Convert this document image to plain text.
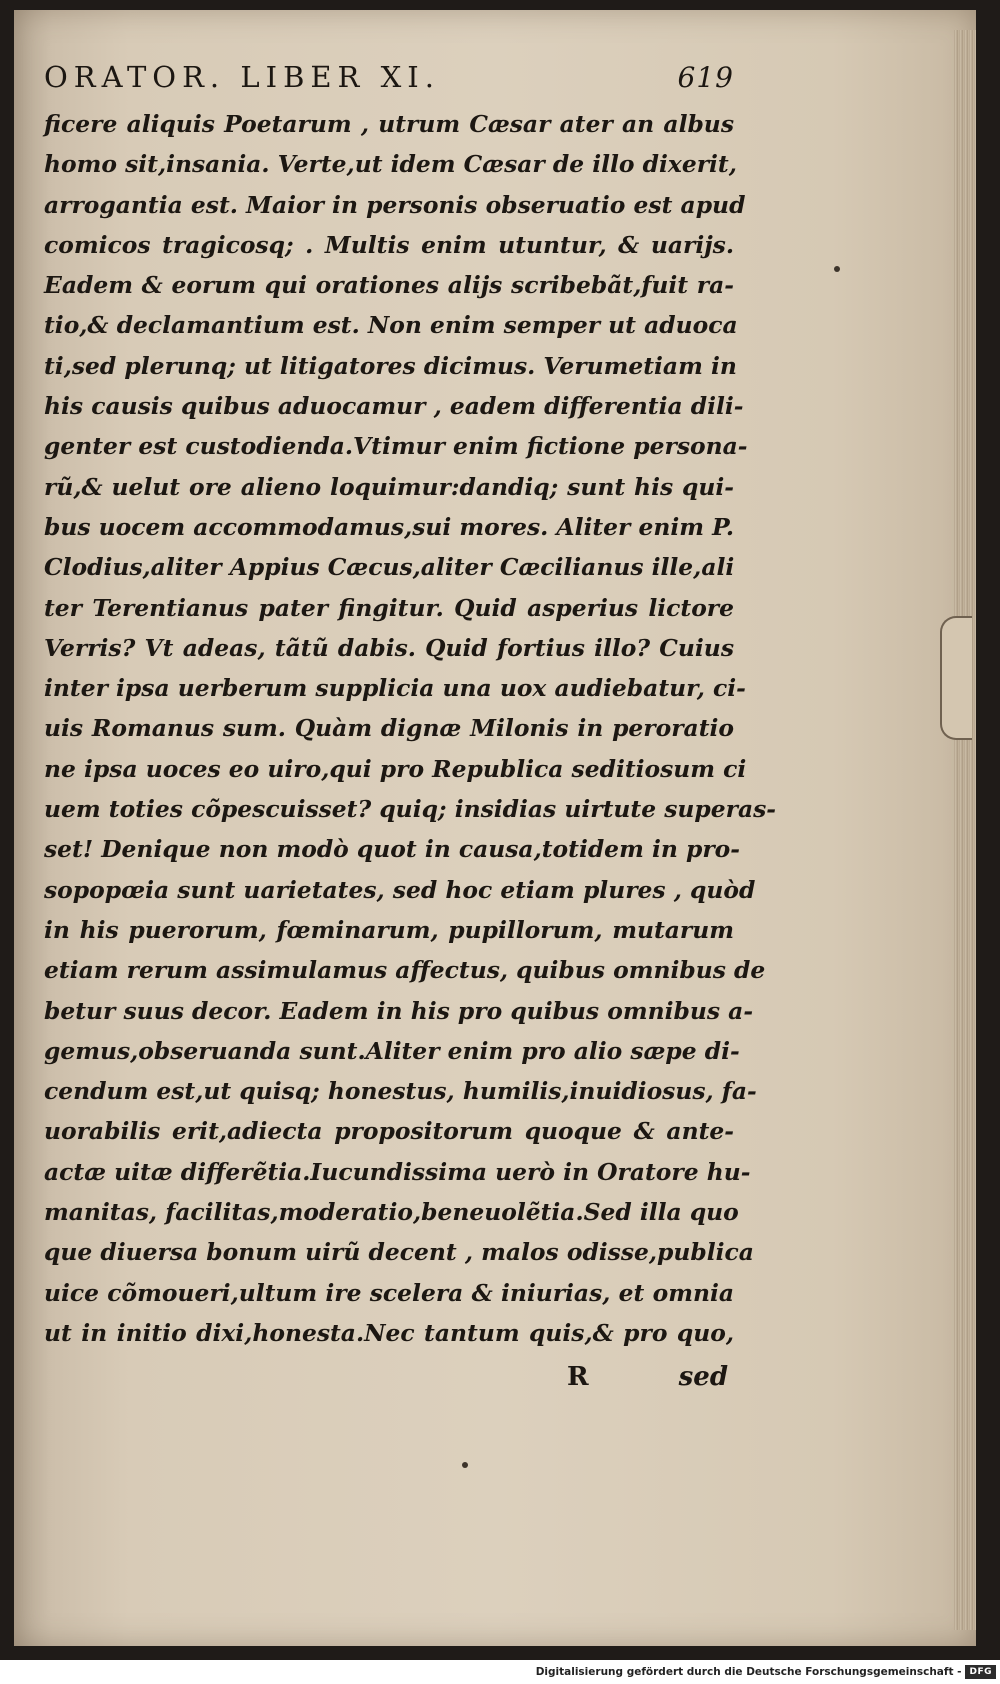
ORATOR. LIBER XI.	619
ficere aliquis Poetarum , utrum Cæsar ater an albus
homo sit,insania. Verte,ut idem Cæsar de illo dixerit,
arrogantia est. Maior in personis obseruatio est apud
comicos tragicosq; . Multis enim utuntur, & uarijs.
Eadem & eorum qui orationes alijs scribebãt,fuit ra-
tio,& declamantium est. Non enim semper ut aduoca
ti,sed plerunq; ut litigatores dicimus. Verumetiam in
his causis quibus aduocamur , eadem differentia dili-
genter est custodienda.Vtimur enim fictione persona-
rũ,& uelut ore alieno loquimur:dandiq; sunt his qui-
bus uocem accommodamus,sui mores. Aliter enim P.
Clodius,aliter Appius Cæcus,aliter Cæcilianus ille,ali
ter Terentianus pater fingitur. Quid asperius lictore
Verris? Vt adeas, tãtũ dabis. Quid fortius illo? Cuius
inter ipsa uerberum supplicia una uox audiebatur, ci-
uis Romanus sum. Quàm dignæ Milonis in peroratio
ne ipsa uoces eo uiro,qui pro Republica seditiosum ci
uem toties cõpescuisset? quiq; insidias uirtute superas-
set! Denique non modò quot in causa,totidem in pro-
sopopœia sunt uarietates, sed hoc etiam plures , quòd
in his puerorum, fœminarum, pupillorum, mutarum
etiam rerum assimulamus affectus, quibus omnibus de
betur suus decor. Eadem in his pro quibus omnibus a-
gemus,obseruanda sunt.Aliter enim pro alio sæpe di-
cendum est,ut quisq; honestus, humilis,inuidiosus, fa-
uorabilis erit,adiecta propositorum quoque & ante-
actæ uitæ differẽtia.Iucundissima uerò in Oratore hu-
manitas, facilitas,moderatio,beneuolẽtia.Sed illa quo
que diuersa bonum uirũ decent , malos odisse,publica
uice cõmoueri,ultum ire scelera & iniurias, et omnia
ut in initio dixi,honesta.Nec tantum quis,& pro quo,
R	sed
Digitalisierung gefördert durch die Deutsche Forschungsgemeinschaft - DFG
